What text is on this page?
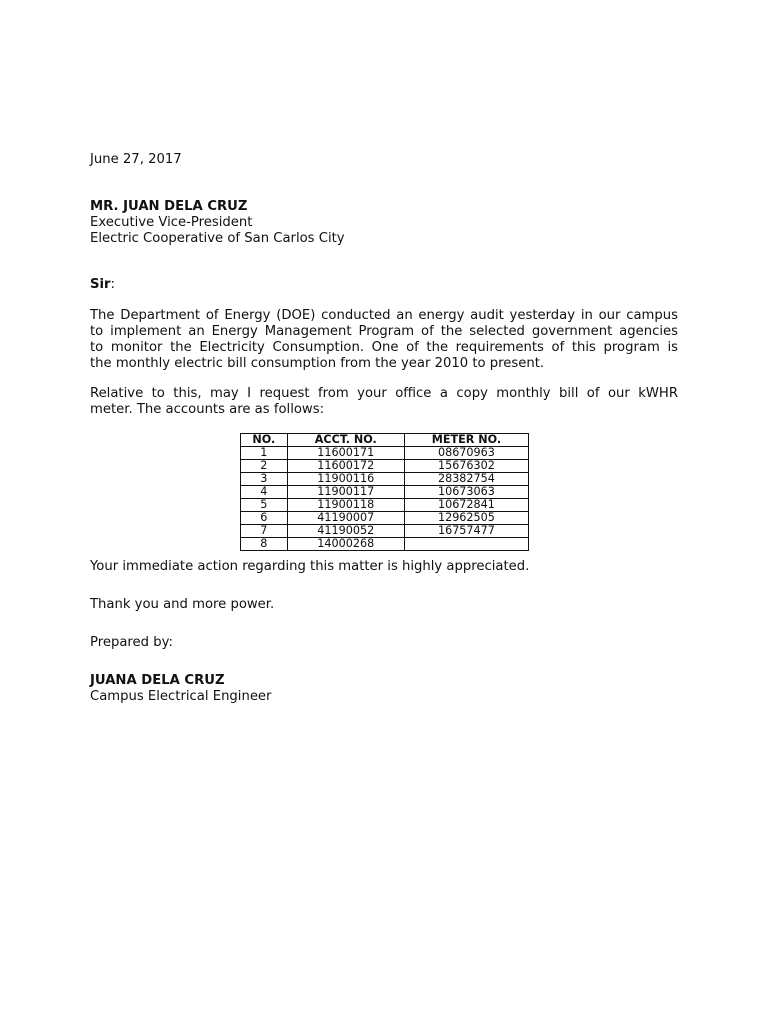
June 27, 2017
MR. JUAN DELA CRUZ
Executive Vice-President
Electric Cooperative of San Carlos City
Sir:
The Department of Energy (DOE) conducted an energy audit yesterday in our campus
to implement an Energy Management Program of the selected government agencies
to monitor the Electricity Consumption. One of the requirements of this program is
the monthly electric bill consumption from the year 2010 to present.
Relative to this, may I request from your office a copy monthly bill of our kWHR
meter. The accounts are as follows:
NO.	ACCT. NO.	METER NO.
1	11600171	08670963
2	11600172	15676302
3	11900116	28382754
4	11900117	10673063
5	11900118	10672841
6	41190007	12962505
7	41190052	16757477
8	14000268	
Your immediate action regarding this matter is highly appreciated.
Thank you and more power.
Prepared by:
JUANA DELA CRUZ
Campus Electrical Engineer
